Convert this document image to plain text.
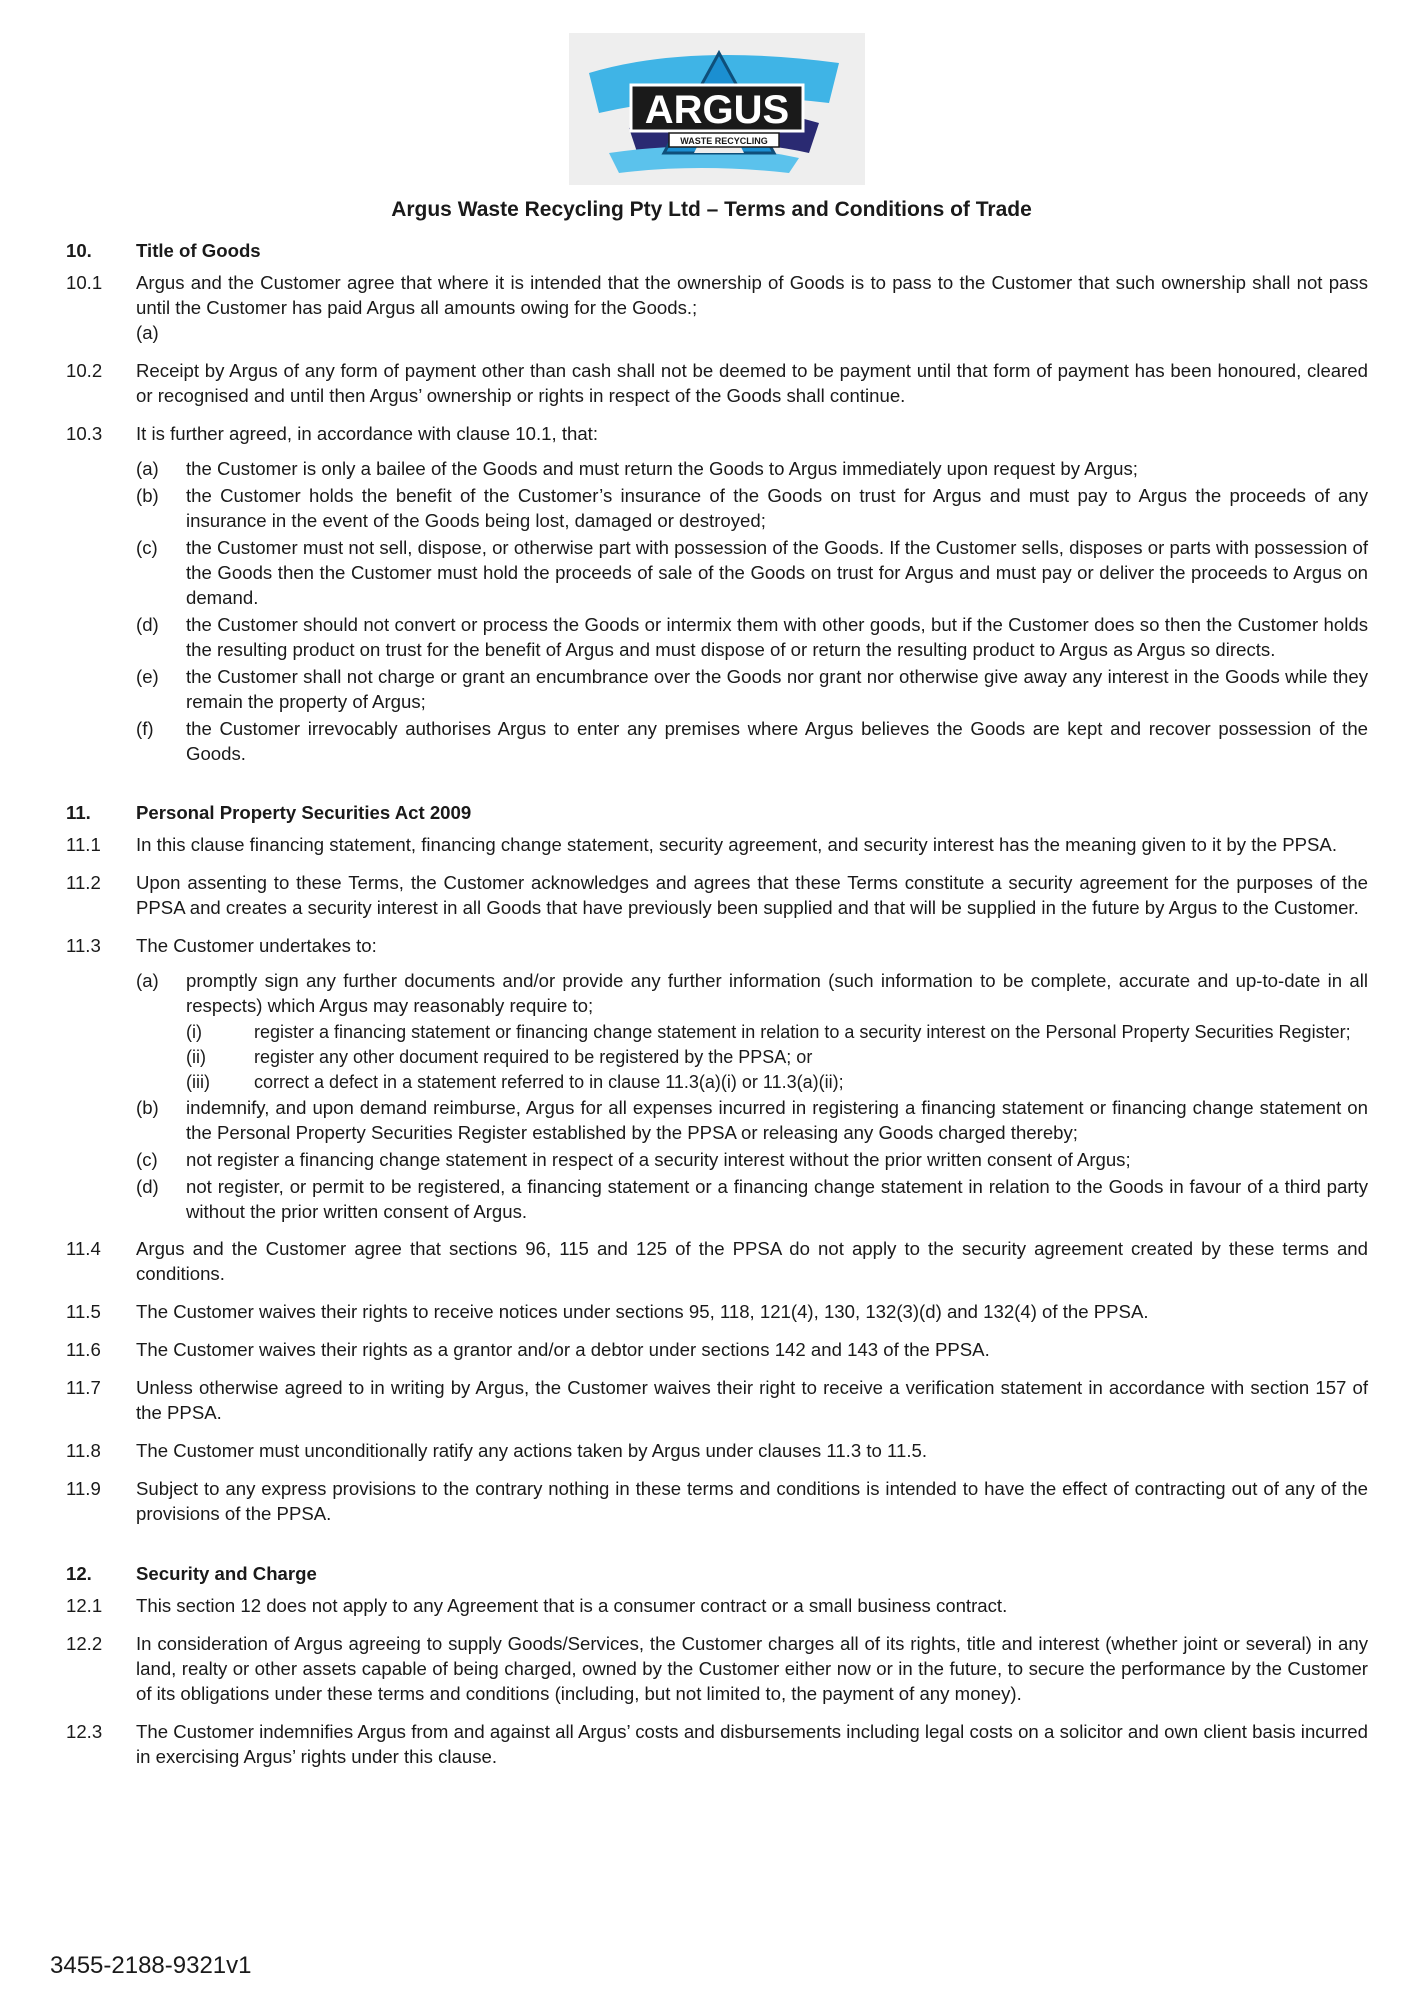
ARGUS
WASTE RECYCLING
Argus Waste Recycling Pty Ltd – Terms and Conditions of Trade
10.	Title of Goods
10.1	Argus and the Customer agree that where it is intended that the ownership of Goods is to pass to the Customer that such ownership shall not pass until the Customer has paid Argus all amounts owing for the Goods.;
(a)
10.2	Receipt by Argus of any form of payment other than cash shall not be deemed to be payment until that form of payment has been honoured, cleared or recognised and until then Argus’ ownership or rights in respect of the Goods shall continue.
10.3	It is further agreed, in accordance with clause 10.1, that:
(a)	the Customer is only a bailee of the Goods and must return the Goods to Argus immediately upon request by Argus;
(b)	the Customer holds the benefit of the Customer’s insurance of the Goods on trust for Argus and must pay to Argus the proceeds of any insurance in the event of the Goods being lost, damaged or destroyed;
(c)	the Customer must not sell, dispose, or otherwise part with possession of the Goods. If the Customer sells, disposes or parts with possession of the Goods then the Customer must hold the proceeds of sale of the Goods on trust for Argus and must pay or deliver the proceeds to Argus on demand.
(d)	the Customer should not convert or process the Goods or intermix them with other goods, but if the Customer does so then the Customer holds the resulting product on trust for the benefit of Argus and must dispose of or return the resulting product to Argus as Argus so directs.
(e)	the Customer shall not charge or grant an encumbrance over the Goods nor grant nor otherwise give away any interest in the Goods while they remain the property of Argus;
(f)	the Customer irrevocably authorises Argus to enter any premises where Argus believes the Goods are kept and recover possession of the Goods.
11.	Personal Property Securities Act 2009
11.1	In this clause financing statement, financing change statement, security agreement, and security interest has the meaning given to it by the PPSA.
11.2	Upon assenting to these Terms, the Customer acknowledges and agrees that these Terms constitute a security agreement for the purposes of the PPSA and creates a security interest in all Goods that have previously been supplied and that will be supplied in the future by Argus to the Customer.
11.3	The Customer undertakes to:
(a)	promptly sign any further documents and/or provide any further information (such information to be complete, accurate and up-to-date in all respects) which Argus may reasonably require to;
(i)	register a financing statement or financing change statement in relation to a security interest on the Personal Property Securities Register;
(ii)	register any other document required to be registered by the PPSA; or
(iii)	correct a defect in a statement referred to in clause 11.3(a)(i) or 11.3(a)(ii);
(b)	indemnify, and upon demand reimburse, Argus for all expenses incurred in registering a financing statement or financing change statement on the Personal Property Securities Register established by the PPSA or releasing any Goods charged thereby;
(c)	not register a financing change statement in respect of a security interest without the prior written consent of Argus;
(d)	not register, or permit to be registered, a financing statement or a financing change statement in relation to the Goods in favour of a third party without the prior written consent of Argus.
11.4	Argus and the Customer agree that sections 96, 115 and 125 of the PPSA do not apply to the security agreement created by these terms and conditions.
11.5	The Customer waives their rights to receive notices under sections 95, 118, 121(4), 130, 132(3)(d) and 132(4) of the PPSA.
11.6	The Customer waives their rights as a grantor and/or a debtor under sections 142 and 143 of the PPSA.
11.7	Unless otherwise agreed to in writing by Argus, the Customer waives their right to receive a verification statement in accordance with section 157 of the PPSA.
11.8	The Customer must unconditionally ratify any actions taken by Argus under clauses 11.3 to 11.5.
11.9	Subject to any express provisions to the contrary nothing in these terms and conditions is intended to have the effect of contracting out of any of the provisions of the PPSA.
12.	Security and Charge
12.1	This section 12 does not apply to any Agreement that is a consumer contract or a small business contract.
12.2	In consideration of Argus agreeing to supply Goods/Services, the Customer charges all of its rights, title and interest (whether joint or several) in any land, realty or other assets capable of being charged, owned by the Customer either now or in the future, to secure the performance by the Customer of its obligations under these terms and conditions (including, but not limited to, the payment of any money).
12.3	The Customer indemnifies Argus from and against all Argus’ costs and disbursements including legal costs on a solicitor and own client basis incurred in exercising Argus’ rights under this clause.
3455-2188-9321v1
